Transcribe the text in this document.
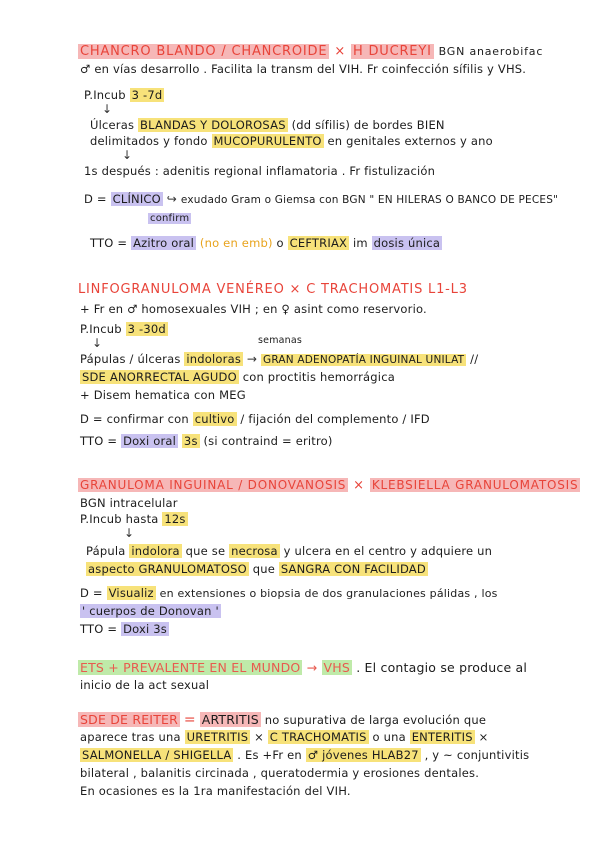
CHANCRO BLANDO / CHANCROIDE × H DUCREYI BGN anaerobifac
♂ en vías desarrollo . Facilita la transm del VIH. Fr coinfección sífilis y VHS.
P.Incub 3 -7d
↓
Úlceras BLANDAS Y DOLOROSAS (dd sífilis) de bordes BIEN
delimitados y fondo MUCOPURULENTO en genitales externos y ano
↓
1s después : adenitis regional inflamatoria . Fr fistulización
D = CLÍNICO ↪ exudado Gram o Giemsa con BGN " EN HILERAS O BANCO DE PECES"
confirm
TTO = Azitro oral (no en emb) o CEFTRIAX im dosis única
LINFOGRANULOMA VENÉREO × C TRACHOMATIS L1-L3
+ Fr en ♂ homosexuales VIH ; en ♀ asint como reservorio.
P.Incub 3 -30d
semanas
↓
Pápulas / úlceras indoloras → GRAN ADENOPATÍA INGUINAL UNILAT //
SDE ANORRECTAL AGUDO con proctitis hemorrágica
+ Disem hematica con MEG
D = confirmar con cultivo / fijación del complemento / IFD
TTO = Doxi oral 3s (si contraind = eritro)
GRANULOMA INGUINAL / DONOVANOSIS × KLEBSIELLA GRANULOMATOSIS
BGN intracelular
P.Incub hasta 12s
↓
Pápula indolora que se necrosa y ulcera en el centro y adquiere un
aspecto GRANULOMATOSO que SANGRA CON FACILIDAD
D = Visualiz en extensiones o biopsia de dos granulaciones pálidas , los
' cuerpos de Donovan '
TTO = Doxi 3s
ETS + PREVALENTE EN EL MUNDO → VHS . El contagio se produce al
inicio de la act sexual
SDE DE REITER = ARTRITIS no supurativa de larga evolución que
aparece tras una URETRITIS × C TRACHOMATIS o una ENTERITIS ×
SALMONELLA / SHIGELLA . Es +Fr en ♂ jóvenes HLAB27 , y ~ conjuntivitis
bilateral , balanitis circinada , queratodermia y erosiones dentales.
En ocasiones es la 1ra manifestación del VIH.
